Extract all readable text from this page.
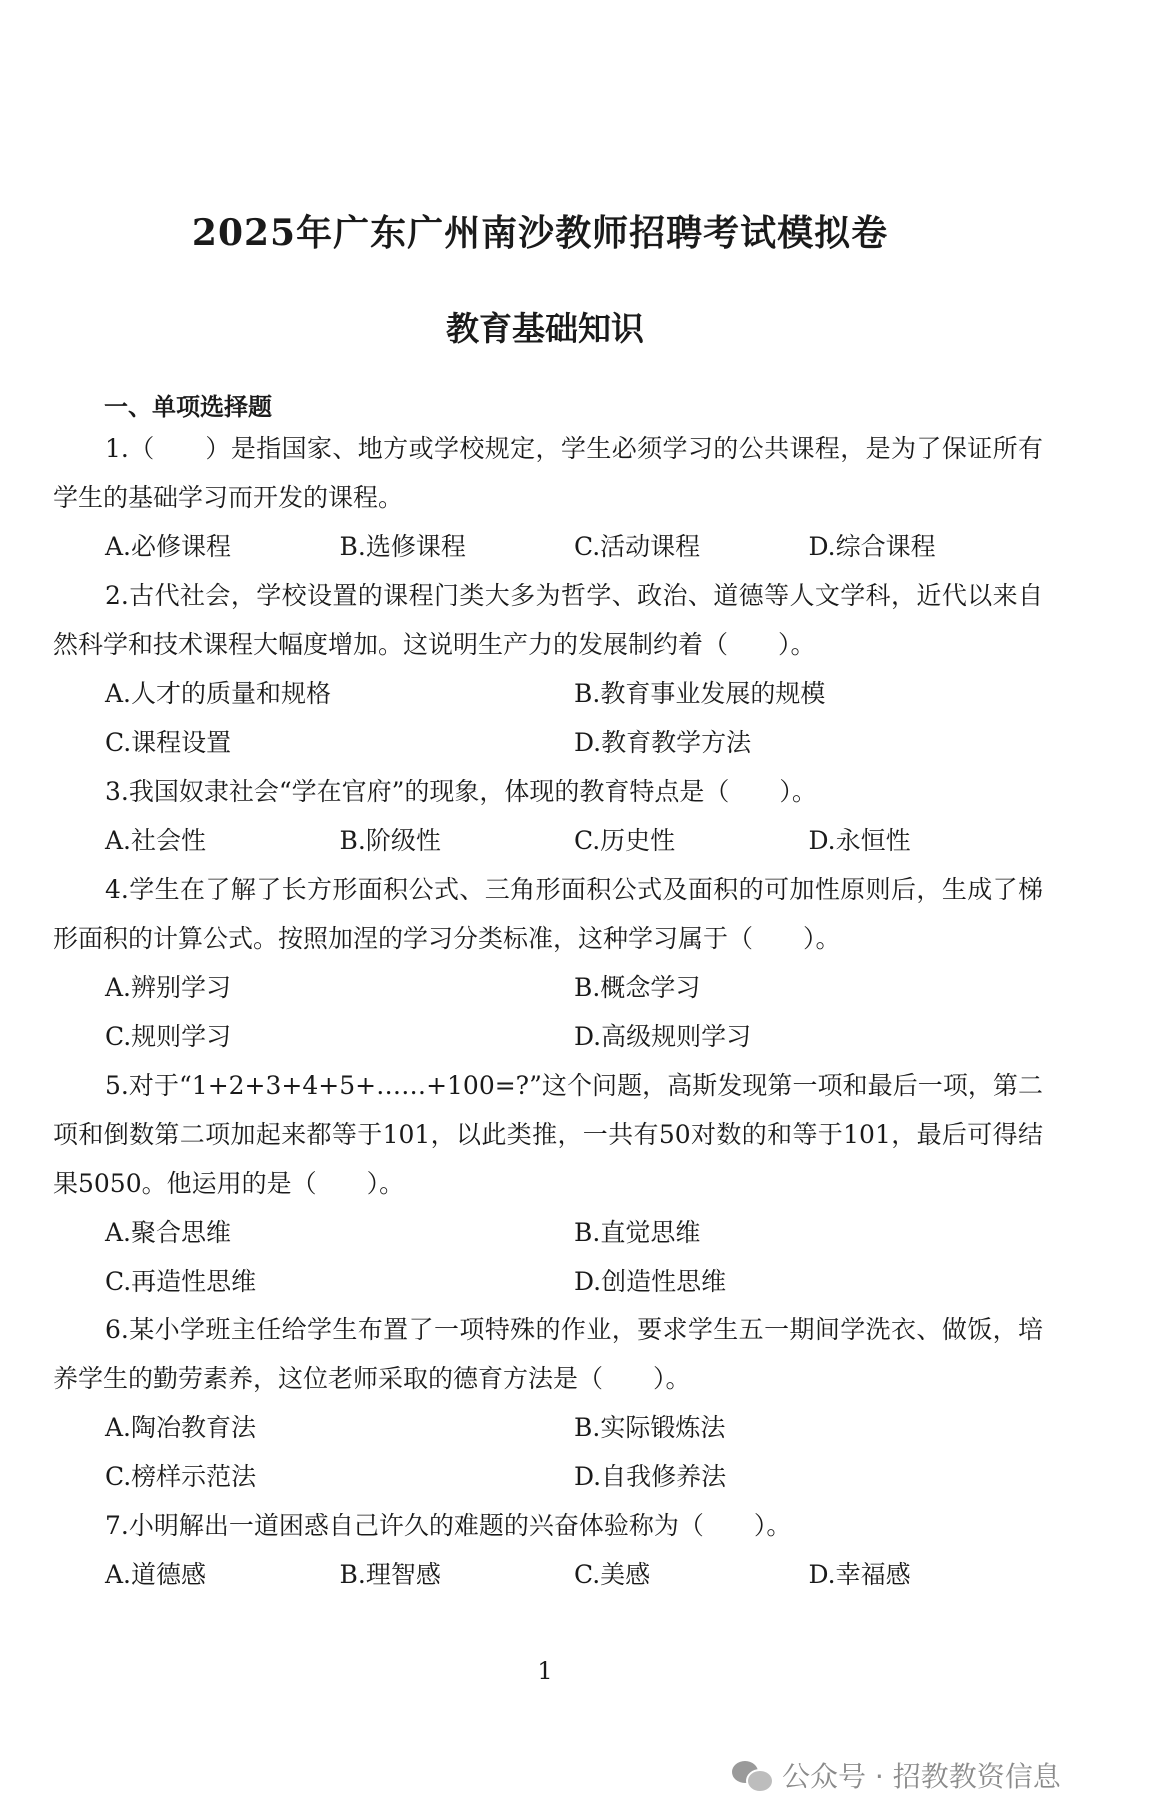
2025年广东广州南沙教师招聘考试模拟卷
教育基础知识
一、单项选择题

1.（　　）是指国家、地方或学校规定，学生必须学习的公共课程，是为了保证所有学生的基础学习而开发的课程。

A.必修课程	B.选修课程	C.活动课程	D.综合课程

2.古代社会，学校设置的课程门类大多为哲学、政治、道德等人文学科，近代以来自然科学和技术课程大幅度增加。这说明生产力的发展制约着（　　）。

A.人才的质量和规格	B.教育事业发展的规模

C.课程设置	D.教育教学方法

3.我国奴隶社会“学在官府”的现象，体现的教育特点是（　　）。

A.社会性	B.阶级性	C.历史性	D.永恒性

4.学生在了解了长方形面积公式、三角形面积公式及面积的可加性原则后，生成了梯形面积的计算公式。按照加涅的学习分类标准，这种学习属于（　　）。

A.辨别学习	B.概念学习

C.规则学习	D.高级规则学习

5.对于“1+2+3+4+5+……+100=?”这个问题，高斯发现第一项和最后一项，第二项和倒数第二项加起来都等于101，以此类推，一共有50对数的和等于101，最后可得结果5050。他运用的是（　　）。

A.聚合思维	B.直觉思维

C.再造性思维	D.创造性思维

6.某小学班主任给学生布置了一项特殊的作业，要求学生五一期间学洗衣、做饭，培养学生的勤劳素养，这位老师采取的德育方法是（　　）。

A.陶冶教育法	B.实际锻炼法

C.榜样示范法	D.自我修养法

7.小明解出一道困惑自己许久的难题的兴奋体验称为（　　）。

A.道德感	B.理智感	C.美感	D.幸福感

1
公众号 · 招教教资信息
